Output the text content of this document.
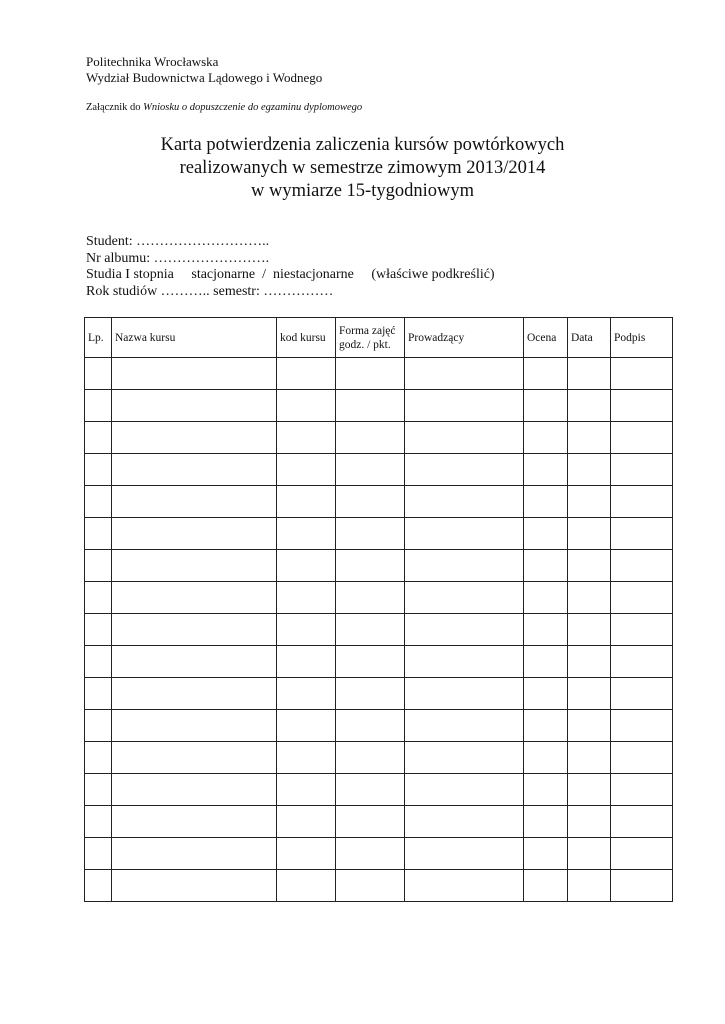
Politechnika Wrocławska
Wydział Budownictwa Lądowego i Wodnego
Załącznik do Wniosku o dopuszczenie do egzaminu dyplomowego
Karta potwierdzenia zaliczenia kursów powtórkowych
realizowanych w semestrze zimowym 2013/2014
w wymiarze 15-tygodniowym
Student: ………………………..
Nr albumu: …………………….
Studia I stopnia     stacjonarne  /  niestacjonarne     (właściwe podkreślić)
Rok studiów ……….. semestr: ……………
Lp.	Nazwa kursu	kod kursu	Forma zajęć godz. / pkt.	Prowadzący	Ocena	Data	Podpis
